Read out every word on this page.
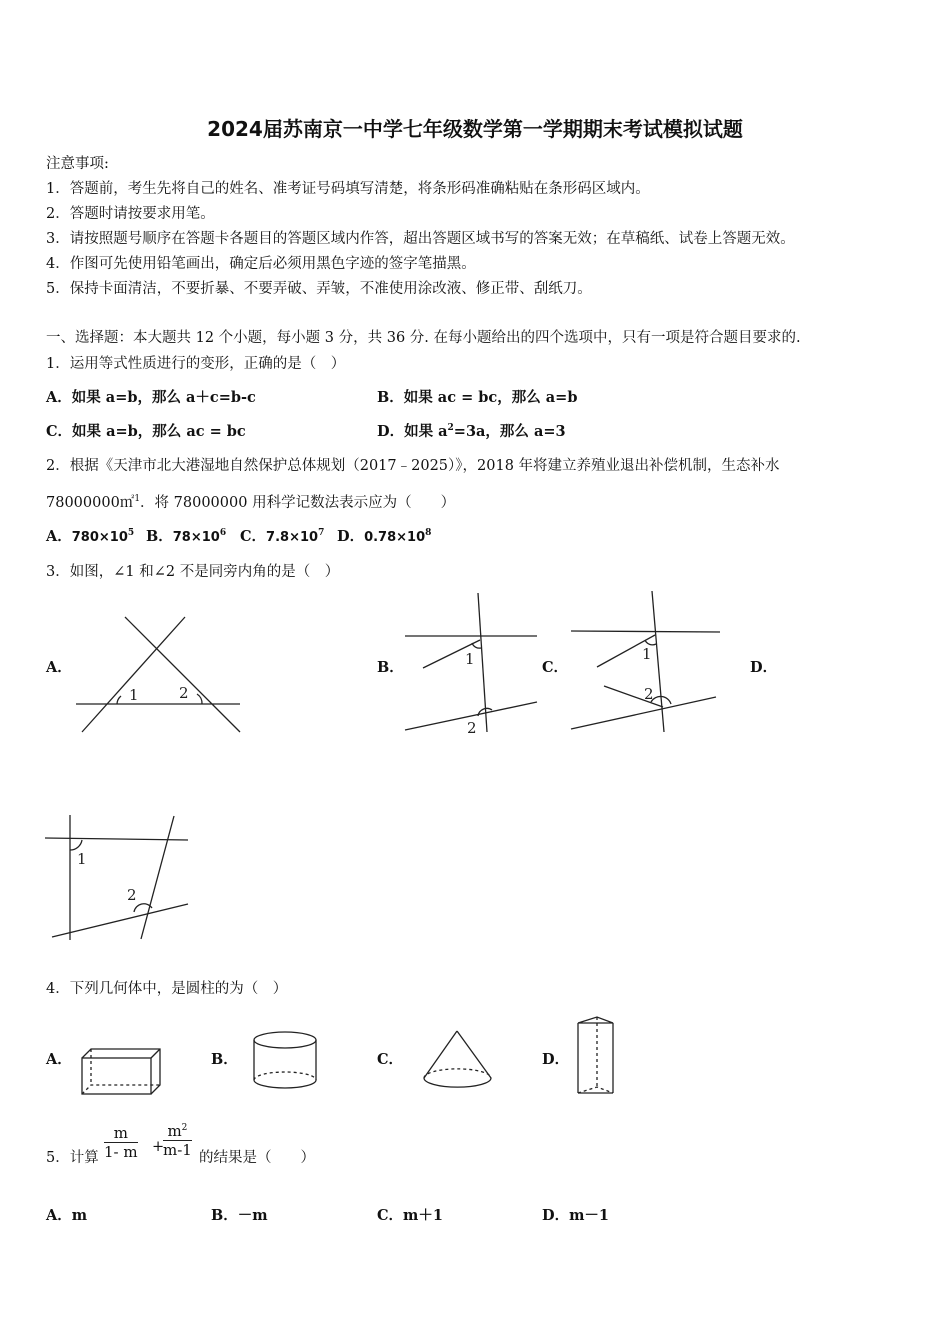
2024届苏南京一中学七年级数学第一学期期末考试模拟试题
注意事项:
1．答题前，考生先将自己的姓名、准考证号码填写清楚，将条形码准确粘贴在条形码区域内。
2．答题时请按要求用笔。
3．请按照题号顺序在答题卡各题目的答题区域内作答，超出答题区域书写的答案无效；在草稿纸、试卷上答题无效。
4．作图可先使用铅笔画出，确定后必须用黑色字迹的签字笔描黑。
5．保持卡面清洁，不要折暴、不要弄破、弄皱，不准使用涂改液、修正带、刮纸刀。
一、选择题：本大题共 12 个小题，每小题 3 分，共 36 分. 在每小题给出的四个选项中，只有一项是符合题目要求的.
1．运用等式性质进行的变形，正确的是（　）
A．如果 a=b，那么 a＋c=b-c	B．如果 ac = bc，那么 a=b
C．如果 a=b，那么 ac = bc	D．如果 $a^2=3a$，那么 a=3
2．根据《天津市北大港湿地自然保护总体规划（2017﹣2025）》，2018 年将建立养殖业退出补偿机制，生态补水
78000000㎡$^1$．将 78000000 用科学记数法表示应为（　　）
A．$780\times 10^5$ B．$78\times 10^6$ C．$7.8\times 10^7$ D．$0.78\times 10^8$
3．如图，∠1 和∠2 不是同旁内角的是（　）
A．	B．	C．	D．
1	2
1
2
1
2
1
2
4．下列几何体中，是圆柱的为（　）
A．	B．	C．	D．
5．计算 $\frac{m}{1- m}$ +
$\frac{m^2}{m-1}$ 的结果是（　　）
A．m	B．－m	C．m＋1	D．m－1
